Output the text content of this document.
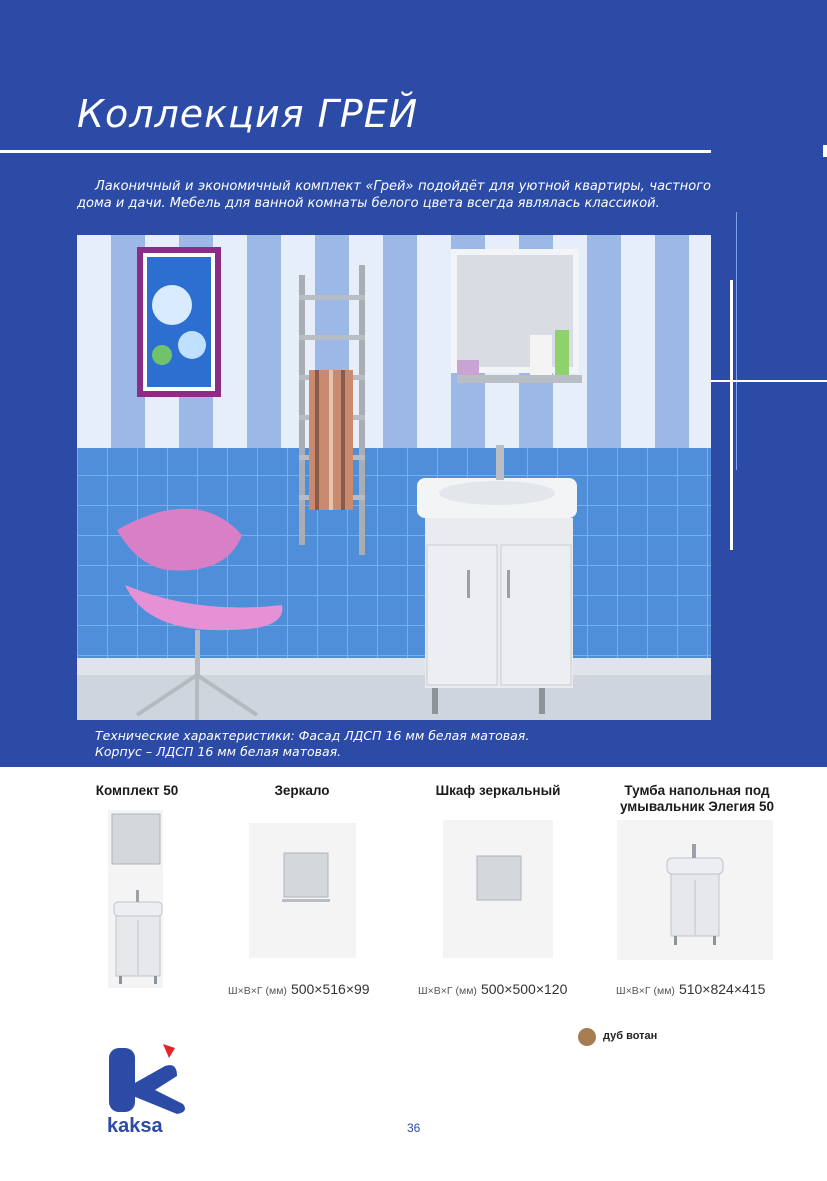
Коллекция ГРЕЙ

Лаконичный и экономичный комплект «Грей» подойдёт для уютной квартиры, частного дома и дачи. Мебель для ванной комнаты белого цвета всегда являлась классикой.

Технические характеристики: Фасад ЛДСП 16 мм белая матовая.
Корпус – ЛДСП 16 мм белая матовая.

Комплект 50	Зеркало
Ш×В×Г (мм) 500×516×99
Шкаф зеркальный
Ш×В×Г (мм) 500×500×120
Тумба напольная под
умывальник Элегия 50
Ш×В×Г (мм) 510×824×415
дуб вотан
kaksa	36
